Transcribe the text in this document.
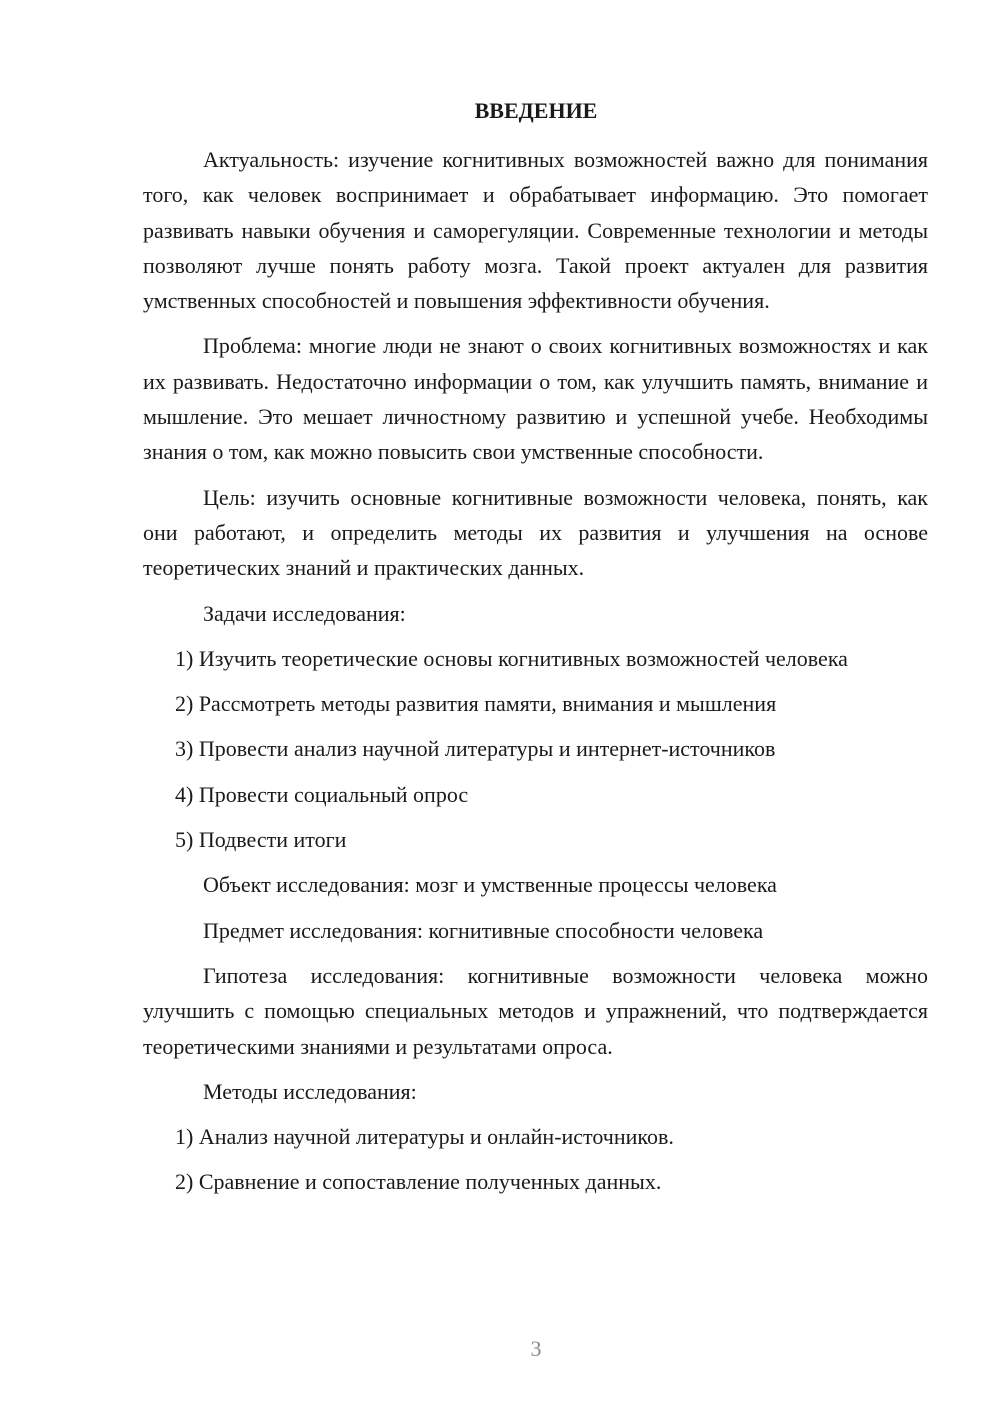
ВВЕДЕНИЕ

Актуальность: изучение когнитивных возможностей важно для понимания того, как человек воспринимает и обрабатывает информацию. Это помогает развивать навыки обучения и саморегуляции. Современные технологии и методы позволяют лучше понять работу мозга. Такой проект актуален для развития умственных способностей и повышения эффективности обучения.

Проблема: многие люди не знают о своих когнитивных возможностях и как их развивать. Недостаточно информации о том, как улучшить память, внимание и мышление. Это мешает личностному развитию и успешной учебе. Необходимы знания о том, как можно повысить свои умственные способности.

Цель: изучить основные когнитивные возможности человека, понять, как они работают, и определить методы их развития и улучшения на основе теоретических знаний и практических данных.

Задачи исследования:

1) Изучить теоретические основы когнитивных возможностей человека
2) Рассмотреть методы развития памяти, внимания и мышления
3) Провести анализ научной литературы и интернет-источников
4) Провести социальный опрос
5) Подвести итоги

Объект исследования: мозг и умственные процессы человека

Предмет исследования: когнитивные способности человека

Гипотеза исследования: когнитивные возможности человека можно улучшить с помощью специальных методов и упражнений, что подтверждается теоретическими знаниями и результатами опроса.

Методы исследования:

1) Анализ научной литературы и онлайн-источников.
2) Сравнение и сопоставление полученных данных.
3
